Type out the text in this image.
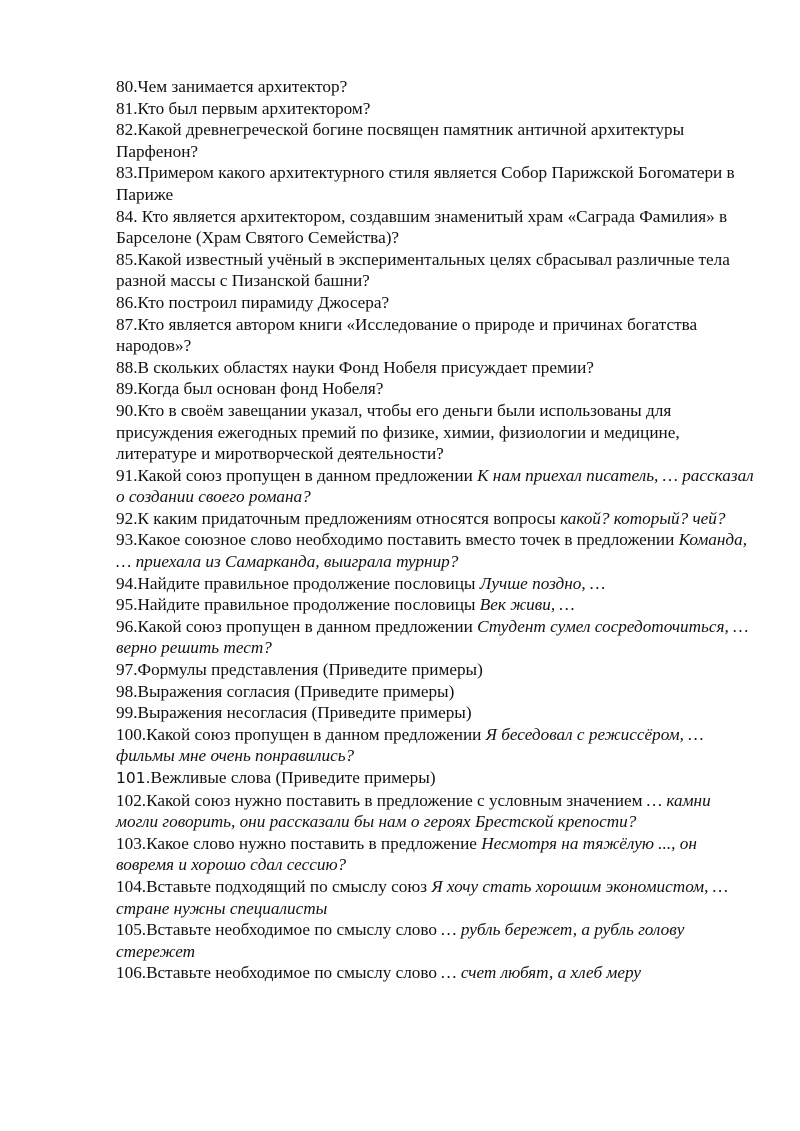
80.Чем занимается архитектор?

81.Кто был первым архитектором?

82.Какой древнегреческой богине посвящен памятник античной архитектуры Парфенон?

83.Примером какого архитектурного стиля является Собор Парижской Богоматери в Париже

84. Кто является архитектором, создавшим знаменитый храм «Саграда Фамилия» в Барселоне (Храм Святого Семейства)?

85.Какой известный учёный в экспериментальных целях сбрасывал различные тела разной массы с Пизанской башни?

86.Кто построил пирамиду Джосера?

87.Кто является автором книги «Исследование о природе и причинах богатства народов»?

88.В скольких областях науки Фонд Нобеля присуждает премии?

89.Когда был основан фонд Нобеля?

90.Кто в своём завещании указал, чтобы его деньги были использованы для присуждения ежегодных премий по физике, химии, физиологии и медицине, литературе и миротворческой деятельности?

91.Какой союз пропущен в данном предложении К нам приехал писатель, … рассказал о создании своего романа?

92.К каким придаточным предложениям относятся вопросы какой? который? чей?

93.Какое союзное слово необходимо поставить вместо точек в предложении Команда, … приехала из Самарканда, выиграла турнир?

94.Найдите правильное продолжение пословицы Лучше поздно, …

95.Найдите правильное продолжение пословицы Век живи, …

96.Какой союз пропущен в данном предложении Студент сумел сосредоточиться, … верно решить тест?

97.Формулы представления (Приведите примеры)

98.Выражения согласия (Приведите примеры)

99.Выражения несогласия (Приведите примеры)

100.Какой союз пропущен в данном предложении Я беседовал с режиссёром, … фильмы мне очень понравились?

101.Вежливые слова (Приведите примеры)

102.Какой союз нужно поставить в предложение с условным значением … камни могли говорить, они рассказали бы нам о героях Брестской крепости?

103.Какое слово нужно поставить в предложение Несмотря на тяжёлую ..., он вовремя и хорошо сдал сессию?

104.Вставьте подходящий по смыслу союз Я хочу стать хорошим экономистом, … стране нужны специалисты

105.Вставьте необходимое по смыслу слово … рубль бережет, а рубль голову стережет

106.Вставьте необходимое по смыслу слово … счет любят, а хлеб меру
